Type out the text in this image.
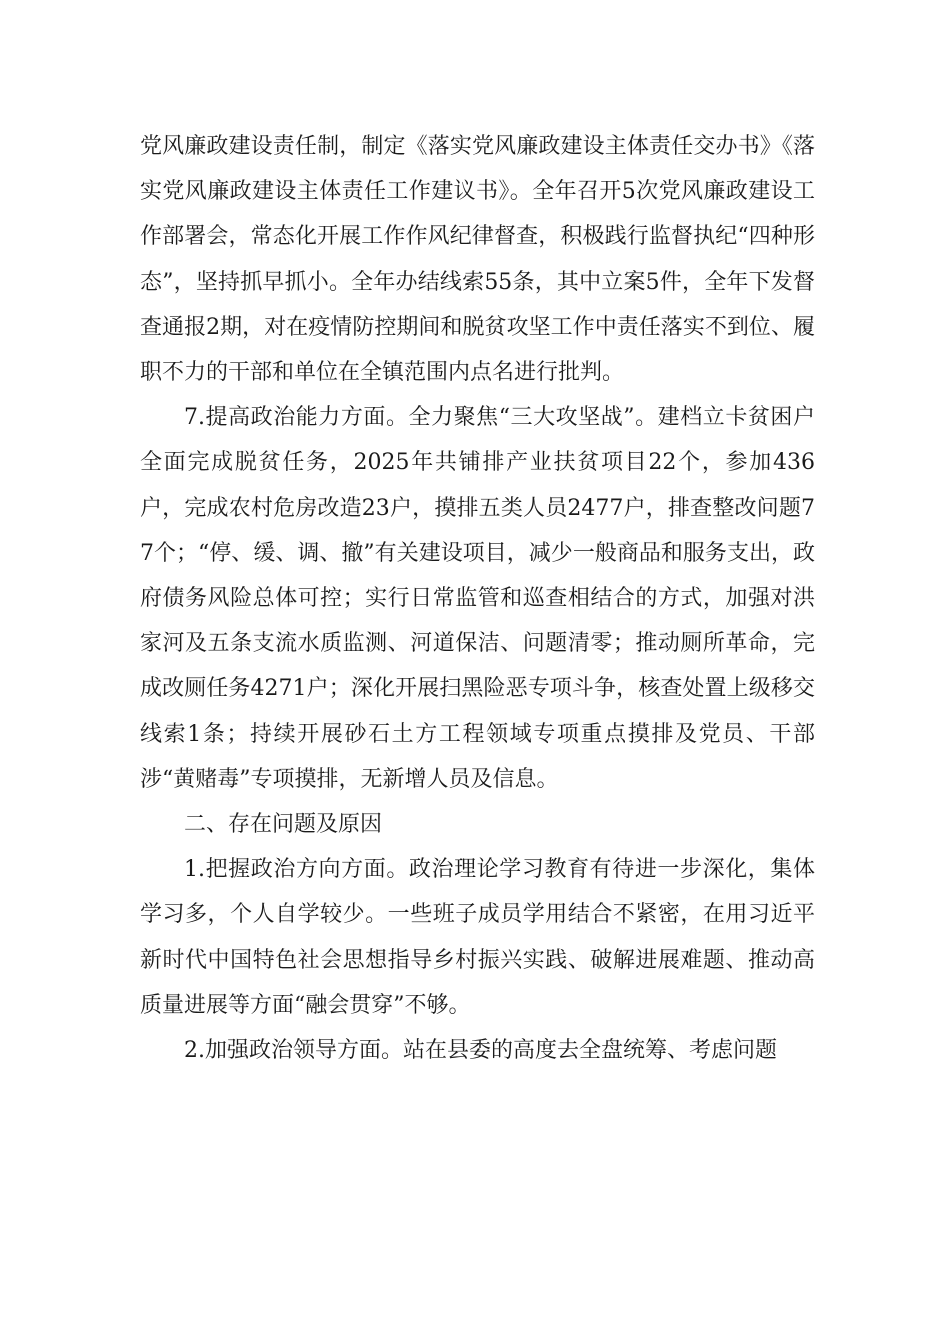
党风廉政建设责任制，制定《落实党风廉政建设主体责任交办书》《落实党风廉政建设主体责任工作建议书》。全年召开5次党风廉政建设工作部署会，常态化开展工作作风纪律督查，积极践行监督执纪“四种形态”，坚持抓早抓小。全年办结线索55条，其中立案5件，全年下发督查通报2期，对在疫情防控期间和脱贫攻坚工作中责任落实不到位、履职不力的干部和单位在全镇范围内点名进行批判。

7.提高政治能力方面。全力聚焦“三大攻坚战”。建档立卡贫困户全面完成脱贫任务，2025年共铺排产业扶贫项目22个，参加436户，完成农村危房改造23户，摸排五类人员2477户，排查整改问题77个；“停、缓、调、撤”有关建设项目，减少一般商品和服务支出，政府债务风险总体可控；实行日常监管和巡查相结合的方式，加强对洪家河及五条支流水质监测、河道保洁、问题清零；推动厕所革命，完成改厕任务4271户；深化开展扫黑险恶专项斗争，核查处置上级移交线索1条；持续开展砂石土方工程领域专项重点摸排及党员、干部涉“黄赌毒”专项摸排，无新增人员及信息。

二、存在问题及原因

1.把握政治方向方面。政治理论学习教育有待进一步深化，集体学习多，个人自学较少。一些班子成员学用结合不紧密，在用习近平新时代中国特色社会思想指导乡村振兴实践、破解进展难题、推动高质量进展等方面“融会贯穿”不够。

2.加强政治领导方面。站在县委的高度去全盘统筹、考虑问题
